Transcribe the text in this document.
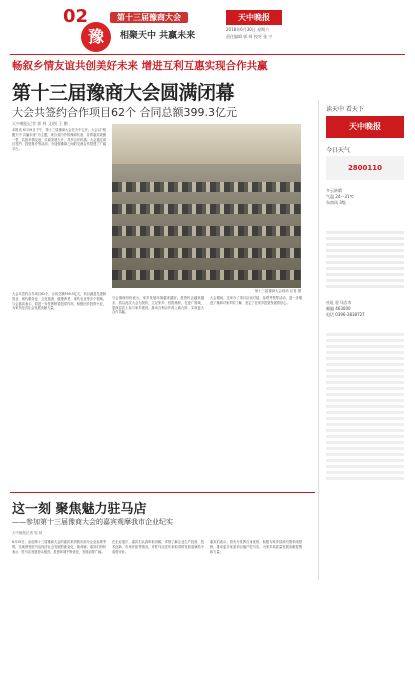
02	第十三届豫商大会
豫	相聚天中 共赢未来
天中晚报
2018年6月30日 星期六
责任编辑 郭 柯 校对 张 宁
畅叙乡情友谊共创美好未来 增进互利互惠实现合作共赢
第十三届豫商大会圆满闭幕
大会共签约合作项目62个 合同总额399.3亿元
天中晚报记者 郭 柯 文/图 王 鹏
本报讯 6月29日下午，第十三届豫商大会在天中召开。大会以“相聚天中 共赢未来”为主题，来自省内外的豫商代表、各界嘉宾欢聚一堂，共叙乡情友谊、共商发展大计，共享合作机遇。大会通过项目签约、投资推介等活动，为加强豫商之间的交流合作搭建了广阔平台。
第十三届豫商大会现场 记者 摄
大会共签约合作项目62个，合同总额399.3亿元，项目涵盖先进制造业、现代服务业、文化旅游、健康养老、现代农业等多个领域。与会嘉宾表示，将进一步发挥桥梁纽带作用，积极回乡投资兴业，为家乡经济社会发展贡献力量。
与会豫商纷纷表示，家乡发展环境越来越好，投资机会越来越多，将以此次大会为契机，立足家乡、回报桑梓，在更广领域、更深层次上参与家乡建设，推动互利合作再上新台阶，实现更大合作共赢。
大会期间，还举办了项目洽谈对接、参观考察等活动，进一步增进了豫商对家乡的了解，坚定了在家乡投资发展的信心。
读天中 看天下
天中晚报
今日天气
2800110
多云转晴
气温 24～31℃
东南风 3级
社址 驻马店市
邮编 463000
电话 0396-3838727
这一刻 聚焦魅力驻马店
——参加第十三届豫商大会的嘉宾观摩我市企业纪实
天中晚报记者 郭 柯
6月29日，参加第十三届豫商大会的嘉宾来到我市部分企业参观考察，实地感受驻马店经济社会发展的新变化、新成就。嘉宾们纷纷表示，驻马店发展势头强劲，投资环境不断优化，发展前景广阔。
在企业展厅，嘉宾们认真听取讲解，详细了解企业生产经营、技术创新、市场开拓等情况，对驻马店近年来取得的发展成就给予高度评价。
嘉宾们表示，将充分发挥自身优势，积极为家乡招商引资牵线搭桥，推动更多优质项目落户驻马店，为家乡高质量发展贡献智慧和力量。
